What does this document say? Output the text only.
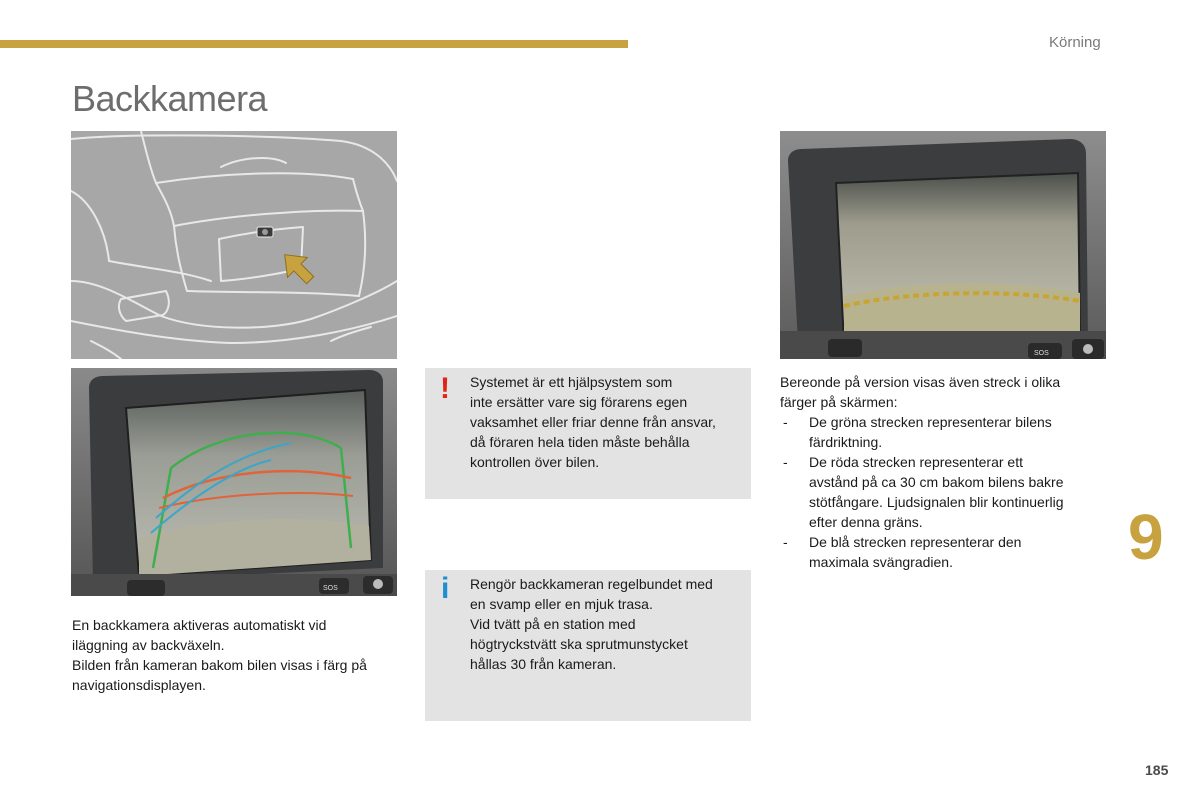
Körning
Backkamera
SOS
SOS
En backkamera aktiveras automatiskt vid
iläggning av backväxeln.
Bilden från kameran bakom bilen visas i färg på
navigationsdisplayen.
! Systemet är ett hjälpsystem som
inte ersätter vare sig förarens egen
vaksamhet eller friar denne från ansvar,
då föraren hela tiden måste behålla
kontrollen över bilen.
i Rengör backkameran regelbundet med
en svamp eller en mjuk trasa.
Vid tvätt på en station med
högtryckstvätt ska sprutmunstycket
hållas 30 från kameran.
Bereonde på version visas även streck i olika
färger på skärmen:
- De gröna strecken representerar bilens
färdriktning.
- De röda strecken representerar ett
avstånd på ca 30 cm bakom bilens bakre
stötfångare. Ljudsignalen blir kontinuerlig
efter denna gräns.
- De blå strecken representerar den
maximala svängradien.	9
185
